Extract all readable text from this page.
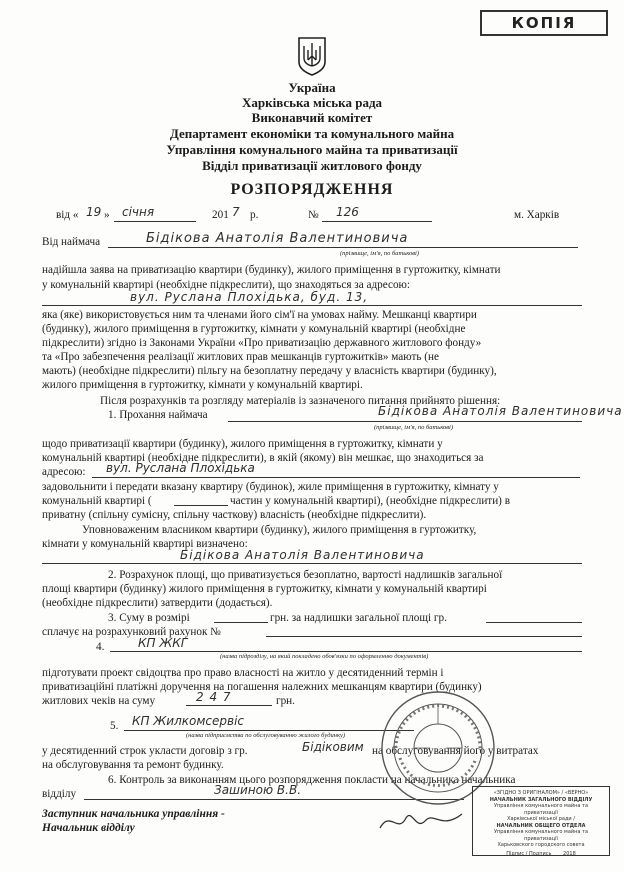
КОПІЯ
Україна
Харківська міська рада
Виконавчий комітет
Департамент економіки та комунального майна
Управління комунального майна та приватизації
Відділ приватизації житлового фонду
РОЗПОРЯДЖЕННЯ
від « 19 » січня	201 7 р.	№ 126	м. Харків
Від наймача	Бідікова Анатолія Валентиновича
(прізвище, ім'я, по батькові)
надійшла заява на приватизацію квартири (будинку), жилого приміщення в гуртожитку, кімнати
у комунальній квартирі (необхідне підкреслити), що знаходяться за адресою:
вул. Руслана Плохідька, буд. 13,
яка (яке) використовується ним та членами його сім'ї на умовах найму. Мешканці квартири
(будинку), жилого приміщення в гуртожитку, кімнати у комунальній квартирі (необхідне
підкреслити) згідно із Законами України «Про приватизацію державного житлового фонду»
та «Про забезпечення реалізації житлових прав мешканців гуртожитків» мають (не
мають) (необхідне підкреслити) пільгу на безоплатну передачу у власність квартири (будинку),
жилого приміщення в гуртожитку, кімнати у комунальній квартирі.
Після розрахунків та розгляду матеріалів із зазначеного питання прийнято рішення:
1. Прохання наймача	Бідікова Анатолія Валентиновича
(прізвище, ім'я, по батькові)
щодо приватизації квартири (будинку), жилого приміщення в гуртожитку, кімнати у
комунальній квартирі (необхідне підкреслити), в якій (якому) він мешкає, що знаходиться за
адресою: вул. Руслана Плохідька
задовольнити і передати вказану квартиру (будинок), жиле приміщення в гуртожитку, кімнату у
комунальній квартирі (	частин у комунальній квартирі), (необхідне підкреслити) в
приватну (спільну сумісну, спільну часткову) власність (необхідне підкреслити).
Уповноваженим власником квартири (будинку), жилого приміщення в гуртожитку,
кімнати у комунальній квартирі визначено:
Бідікова Анатолія Валентиновича
2. Розрахунок площі, що приватизується безоплатно, вартості надлишків загальної
площі квартири (будинку) жилого приміщення в гуртожитку, кімнати у комунальній квартирі
(необхідне підкреслити) затвердити (додається).
3. Суму в розмірі	грн. за надлишки загальної площі гр.
сплачує на розрахунковий рахунок №
4.	КП ЖКГ
(назва підрозділу, на який покладено обов'язки по оформленню документів)
підготувати проект свідоцтва про право власності на житло у десятиденний термін і
приватизаційні платіжні доручення на погашення належних мешканцям квартири (будинку)
житлових чеків на суму	2 4 7	грн.
5. КП Жилкомсервіс
(назва підприємства по обслуговуванню жилого будинку)
у десятиденний строк укласти договір з гр.	Бідіковим на обслуговування його у витратах
на обслуговування та ремонт будинку.
6. Контроль за виконанням цього розпорядження покласти на начальника начальника
відділу	Зашиною В.В.
Заступник начальника управління -
Начальник відділу
«ЗГІДНО З ОРИГІНАЛОМ» / «ВЕРНО»
НАЧАЛЬНИК ЗАГАЛЬНОГО ВІДДІЛУ
Управління комунального майна та приватизації
Харківської міської ради /
НАЧАЛЬНИК ОБЩЕГО ОТДЕЛА
Управління комунального майна та приватизації
Харьковского городского совета
Підпис / Подпись 2018
